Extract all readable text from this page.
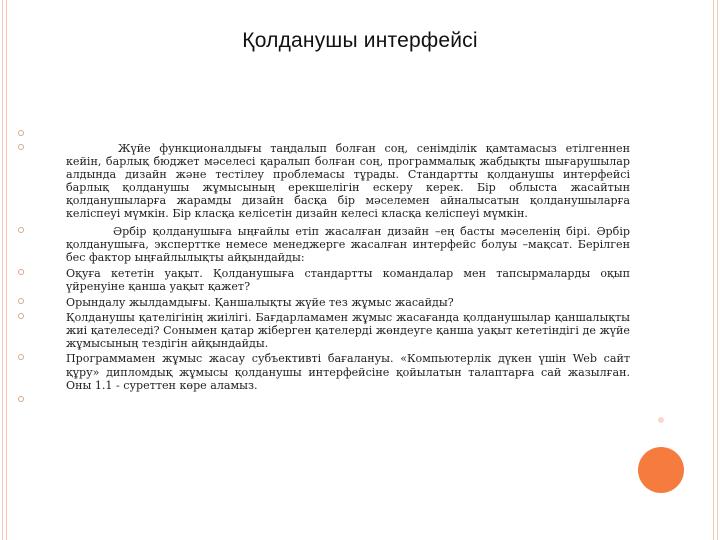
Қолданушы интерфейсі

Жүйе функционалдығы таңдалып болған соң, сенімділік қамтамасыз етілгеннен кейін, барлық бюджет мәселесі қаралып болған соң, программалық жабдықты шығарушылар алдында дизайн және тестілеу проблемасы тұрады. Стандартты қолданушы интерфейсі барлық қолданушы жұмысының ерекшелігін ескеру керек. Бір облыста жасайтын қолданушыларға жарамды дизайн басқа бір мәселемен айналысатын қолданушыларға келіспеуі мүмкін. Бір класқа келісетін дизайн келесі класқа келіспеуі мүмкін.

Әрбір қолданушыға ыңғайлы етіп жасалған дизайн –ең басты мәселенің бірі. Әрбір қолданушыға, эксперттке немесе менеджерге жасалған интерфейс болуы –мақсат. Берілген бес фактор ыңғайлылықты айқындайды:

Оқуға кететін уақыт. Қолданушыға стандартты командалар мен тапсырмаларды оқып үйренуіне қанша уақыт қажет?

Орындалу жылдамдығы. Қаншалықты жүйе тез жұмыс жасайды?

Қолданушы қателігінің жиілігі. Бағдарламамен жұмыс жасағанда қолданушылар қаншалықты жиі қателеседі? Сонымен қатар жіберген қателерді жөндеуге қанша уақыт кететіндігі де жүйе жұмысының тездігін айқындайды.

Программамен жұмыс жасау субъективті бағалануы. «Компьютерлік дүкен үшін Web сайт құру» дипломдық жұмысы қолданушы интерфейсіне қойылатын талаптарға сай жазылған. Оны 1.1 - суреттен көре аламыз.
